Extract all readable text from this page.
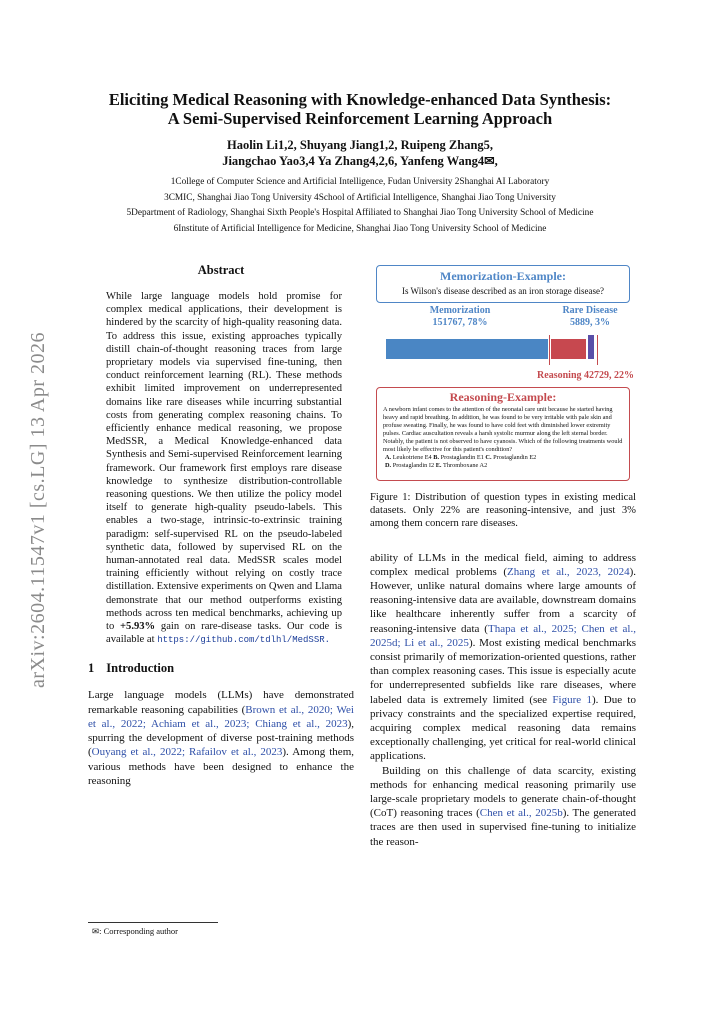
arXiv:2604.11547v1 [cs.LG] 13 Apr 2026
Eliciting Medical Reasoning with Knowledge-enhanced Data Synthesis:
A Semi-Supervised Reinforcement Learning Approach
Haolin Li1,2, Shuyang Jiang1,2, Ruipeng Zhang5,
Jiangchao Yao3,4 Ya Zhang4,2,6, Yanfeng Wang4✉,
1College of Computer Science and Artificial Intelligence, Fudan University 2Shanghai AI Laboratory
3CMIC, Shanghai Jiao Tong University 4School of Artificial Intelligence, Shanghai Jiao Tong University
5Department of Radiology, Shanghai Sixth People's Hospital Affiliated to Shanghai Jiao Tong University School of Medicine
6Institute of Artificial Intelligence for Medicine, Shanghai Jiao Tong University School of Medicine
Abstract
While large language models hold promise for complex medical applications, their development is hindered by the scarcity of high-quality reasoning data. To address this issue, existing approaches typically distill chain-of-thought reasoning traces from large proprietary models via supervised fine-tuning, then conduct reinforcement learning (RL). These methods exhibit limited improvement on underrepresented domains like rare diseases while incurring substantial costs from generating complex reasoning chains. To efficiently enhance medical reasoning, we propose MedSSR, a Medical Knowledge-enhanced data Synthesis and Semi-supervised Reinforcement learning framework. Our framework first employs rare disease knowledge to synthesize distribution-controllable reasoning questions. We then utilize the policy model itself to generate high-quality pseudo-labels. This enables a two-stage, intrinsic-to-extrinsic training paradigm: self-supervised RL on the pseudo-labeled synthetic data, followed by supervised RL on the human-annotated real data. MedSSR scales model training efficiently without relying on costly trace distillation. Extensive experiments on Qwen and Llama demonstrate that our method outperforms existing methods across ten medical benchmarks, achieving up to +5.93% gain on rare-disease tasks. Our code is available at https://github.com/tdlhl/MedSSR.
1 Introduction

Large language models (LLMs) have demonstrated remarkable reasoning capabilities (Brown et al., 2020; Wei et al., 2022; Achiam et al., 2023; Chiang et al., 2023), spurring the development of diverse post-training methods (Ouyang et al., 2022; Rafailov et al., 2023). Among them, various methods have been designed to enhance the reasoning

✉: Corresponding author
Memorization-Example:
Is Wilson's disease described as an iron storage disease?
Memorization
151767, 78%
Rare Disease
5889, 3%
Reasoning 42729, 22%
Reasoning-Example:
A newborn infant comes to the attention of the neonatal care unit because he started having heavy and rapid breathing. In addition, he was found to be very irritable with pale skin and profuse sweating. Finally, he was found to have cold feet with diminished lower extremity pulses. Cardiac auscultation reveals a harsh systolic murmur along the left sternal border. Notably, the patient is not observed to have cyanosis. Which of the following treatments would most likely be effective for this patient's condition?
A. Leukotriene E4 B. Prostaglandin E1 C. Prostaglandin E2
D. Prostaglandin I2 E. Thromboxane A2
Figure 1: Distribution of question types in existing medical datasets. Only 22% are reasoning-intensive, and just 3% among them concern rare diseases.

ability of LLMs in the medical field, aiming to address complex medical problems (Zhang et al., 2023, 2024). However, unlike natural domains where large amounts of reasoning-intensive data are available, downstream domains like healthcare inherently suffer from a scarcity of reasoning-intensive data (Thapa et al., 2025; Chen et al., 2025d; Li et al., 2025). Most existing medical benchmarks consist primarily of memorization-oriented questions, rather than complex reasoning cases. This issue is especially acute for underrepresented subfields like rare diseases, where labeled data is extremely limited (see Figure 1). Due to privacy constraints and the specialized expertise required, acquiring complex medical reasoning data remains exceptionally challenging, yet critical for real-world clinical applications.

Building on this challenge of data scarcity, existing methods for enhancing medical reasoning primarily use large-scale proprietary models to generate chain-of-thought (CoT) reasoning traces (Chen et al., 2025b). The generated traces are then used in supervised fine-tuning to initialize the reason-
